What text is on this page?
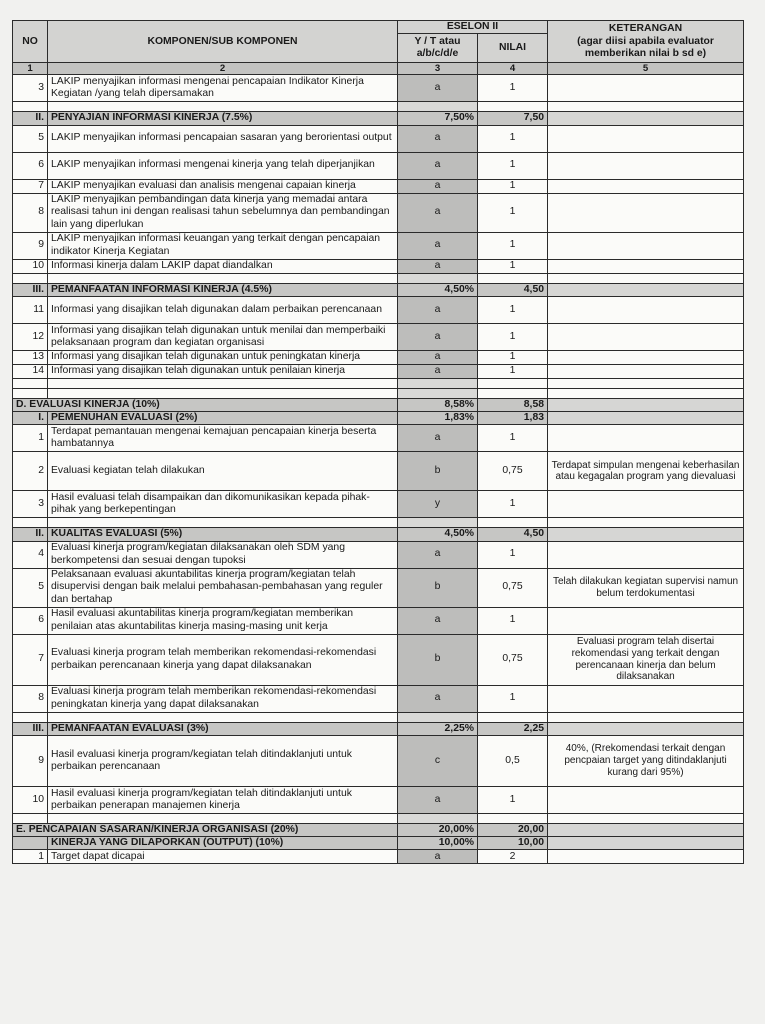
NO	KOMPONEN/SUB KOMPONEN	ESELON II		KETERANGAN
(agar diisi apabila evaluator memberikan nilai b sd e)

		Y / T atau a/b/c/d/e	NILAI	
1	2	3	4	5
3	LAKIP menyajikan informasi mengenai pencapaian Indikator Kinerja Kegiatan /yang telah dipersamakan	a	1	

II.	PENYAJIAN INFORMASI KINERJA (7.5%)	7,50%	7,50	
5	LAKIP menyajikan informasi pencapaian sasaran yang berorientasi output	a	1	
6	LAKIP menyajikan informasi mengenai kinerja yang telah diperjanjikan	a	1	
7	LAKIP menyajikan evaluasi dan analisis mengenai capaian kinerja	a	1	
8	LAKIP menyajikan pembandingan data kinerja yang memadai antara realisasi tahun ini dengan realisasi tahun sebelumnya dan pembandingan lain yang diperlukan	a	1	
9	LAKIP menyajikan informasi keuangan yang terkait dengan pencapaian indikator Kinerja Kegiatan	a	1	
10	Informasi kinerja dalam LAKIP dapat diandalkan	a	1	

III.	PEMANFAATAN INFORMASI KINERJA (4.5%)	4,50%	4,50	
11	Informasi yang disajikan telah digunakan dalam perbaikan perencanaan	a	1	
12	Informasi yang disajikan telah digunakan untuk menilai dan memperbaiki pelaksanaan program dan kegiatan organisasi	a	1	
13	Informasi yang disajikan telah digunakan untuk peningkatan kinerja	a	1	
14	Informasi yang disajikan telah digunakan untuk penilaian kinerja	a	1	

D. EVALUASI KINERJA (10%)		8,58%	8,58	
I.	PEMENUHAN EVALUASI (2%)	1,83%	1,83	
1	Terdapat pemantauan mengenai kemajuan pencapaian kinerja beserta hambatannya	a	1	
2	Evaluasi kegiatan telah dilakukan	b	0,75	Terdapat simpulan mengenai keberhasilan atau kegagalan program yang dievaluasi
3	Hasil evaluasi telah disampaikan dan dikomunikasikan kepada pihak-pihak yang berkepentingan	y	1	

II.	KUALITAS EVALUASI (5%)	4,50%	4,50	
4	Evaluasi kinerja program/kegiatan dilaksanakan oleh SDM yang berkompetensi dan sesuai dengan tupoksi	a	1	
5	Pelaksanaan evaluasi akuntabilitas kinerja program/kegiatan telah disupervisi dengan baik melalui pembahasan-pembahasan yang reguler dan bertahap	b	0,75	Telah dilakukan kegiatan supervisi namun belum terdokumentasi
6	Hasil evaluasi akuntabilitas kinerja program/kegiatan memberikan penilaian atas akuntabilitas kinerja masing-masing unit kerja	a	1	
7	Evaluasi kinerja program telah memberikan rekomendasi-rekomendasi perbaikan perencanaan kinerja yang dapat dilaksanakan	b	0,75	Evaluasi program telah disertai rekomendasi yang terkait dengan perencanaan kinerja dan belum dilaksanakan
8	Evaluasi kinerja program telah memberikan rekomendasi-rekomendasi peningkatan kinerja yang dapat dilaksanakan	a	1	

III.	PEMANFAATAN EVALUASI (3%)	2,25%	2,25	
9	Hasil evaluasi kinerja program/kegiatan telah ditindaklanjuti untuk perbaikan perencanaan	c	0,5	40%, (Rrekomendasi terkait dengan pencpaian target yang ditindaklanjuti kurang dari 95%)
10	Hasil evaluasi kinerja program/kegiatan telah ditindaklanjuti untuk perbaikan penerapan manajemen kinerja	a	1	

E. PENCAPAIAN SASARAN/KINERJA ORGANISASI (20%)		20,00%	20,00	
	KINERJA YANG DILAPORKAN (OUTPUT) (10%)	10,00%	10,00	
1	Target dapat dicapai	a	2	
